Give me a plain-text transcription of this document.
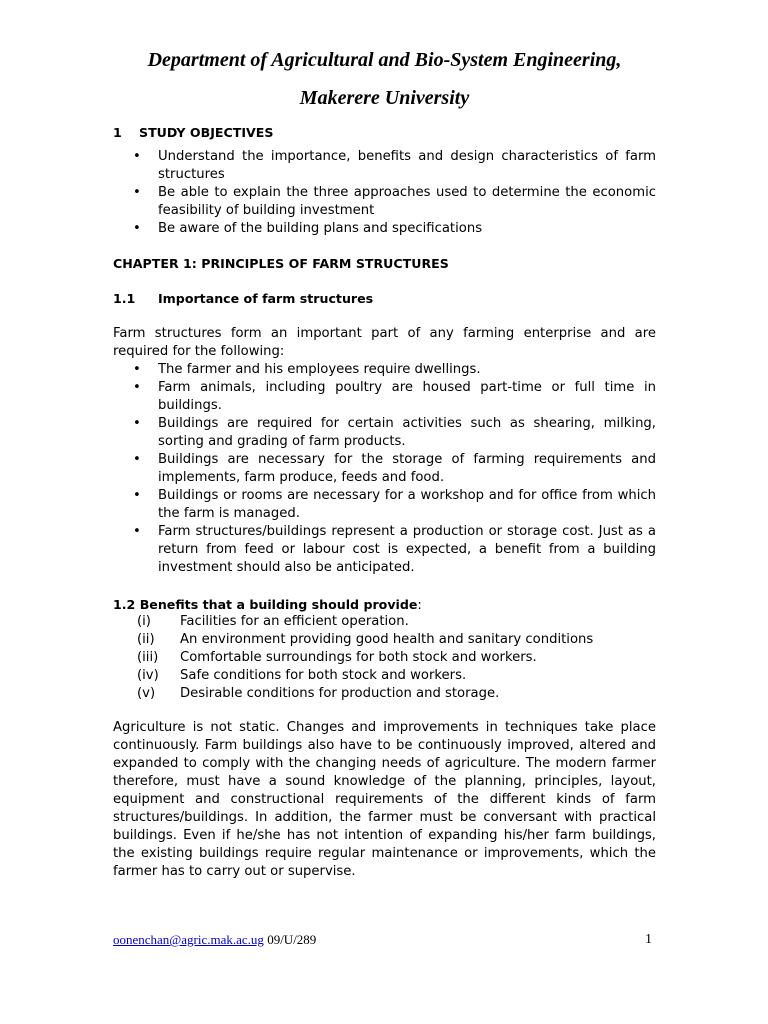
Department of Agricultural and Bio-System Engineering,
Makerere University
1 STUDY OBJECTIVES
• Understand the importance, benefits and design characteristics of farm structures
• Be able to explain the three approaches used to determine the economic feasibility of building investment
• Be aware of the building plans and specifications
CHAPTER 1: PRINCIPLES OF FARM STRUCTURES
1.1 Importance of farm structures
Farm structures form an important part of any farming enterprise and are required for the following:
• The farmer and his employees require dwellings.
• Farm animals, including poultry are housed part-time or full time in buildings.
• Buildings are required for certain activities such as shearing, milking, sorting and grading of farm products.
• Buildings are necessary for the storage of farming requirements and implements, farm produce, feeds and food.
• Buildings or rooms are necessary for a workshop and for office from which the farm is managed.
• Farm structures/buildings represent a production or storage cost. Just as a return from feed or labour cost is expected, a benefit from a building investment should also be anticipated.
1.2 Benefits that a building should provide:
(i) Facilities for an efficient operation.
(ii) An environment providing good health and sanitary conditions
(iii) Comfortable surroundings for both stock and workers.
(iv) Safe conditions for both stock and workers.
(v) Desirable conditions for production and storage.
Agriculture is not static. Changes and improvements in techniques take place continuously. Farm buildings also have to be continuously improved, altered and expanded to comply with the changing needs of agriculture. The modern farmer therefore, must have a sound knowledge of the planning, principles, layout, equipment and constructional requirements of the different kinds of farm structures/buildings. In addition, the farmer must be conversant with practical buildings. Even if he/she has not intention of expanding his/her farm buildings, the existing buildings require regular maintenance or improvements, which the farmer has to carry out or supervise.
oonenchan@agric.mak.ac.ug 09/U/289	1
